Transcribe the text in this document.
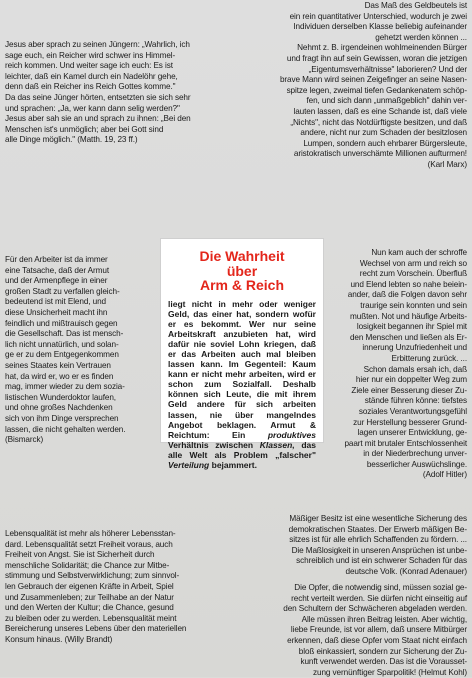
Das Maß des Geldbeutels ist

ein rein quantitativer Unterschied, wodurch je zwei

Individuen derselben Klasse beliebig aufeinander

gehetzt werden können ...

Nehmt z. B. irgendeinen wohlmeinenden Bürger

und fragt ihn auf sein Gewissen, woran die jetzigen

„Eigentumsverhältnisse" laborieren? Und der

brave Mann wird seinen Zeigefinger an seine Nasen-

spitze legen, zweimal tiefen Gedankenatem schöp-

fen, und sich dann „unmaßgeblich" dahin ver-

lauten lassen, daß es eine Schande ist, daß viele

„Nichts", nicht das Notdürftigste besitzen, und daß

andere, nicht nur zum Schaden der besitzlosen

Lumpen, sondern auch ehrbarer Bürgersleute,

aristokratisch unverschämte Millionen aufturmen!

(Karl Marx)

Jesus aber sprach zu seinen Jüngern: „Wahrlich, ich

sage euch, ein Reicher wird schwer ins Himmel-

reich kommen. Und weiter sage ich euch: Es ist

leichter, daß ein Kamel durch ein Nadelöhr gehe,

denn daß ein Reicher ins Reich Gottes komme."

Da das seine Jünger hörten, entsetzten sie sich sehr

und sprachen: „Ja, wer kann dann selig werden?"

Jesus aber sah sie an und sprach zu ihnen: „Bei den

Menschen ist's unmöglich; aber bei Gott sind

alle Dinge möglich." (Matth. 19, 23 ff.)

Für den Arbeiter ist da immer

eine Tatsache, daß der Armut

und der Armenpflege in einer

großen Stadt zu verfallen gleich-

bedeutend ist mit Elend, und

diese Unsicherheit macht ihn

feindlich und mißtrauisch gegen

die Gesellschaft. Das ist mensch-

lich nicht unnatürlich, und solan-

ge er zu dem Entgegenkommen

seines Staates kein Vertrauen

hat, da wird er, wo er es finden

mag, immer wieder zu dem sozia-

listischen Wunderdoktor laufen,

und ohne großes Nachdenken

sich von ihm Dinge versprechen

lassen, die nicht gehalten werden.

(Bismarck)

Die Wahrheit
über
Arm & Reich
liegt nicht in mehr oder weniger Geld, das einer hat, sondern wofür er es bekommt. Wer nur seine Arbeitskraft anzubieten hat, wird dafür nie soviel Lohn kriegen, daß er das Arbeiten auch mal bleiben lassen kann. Im Gegenteil: Kaum kann er nicht mehr arbeiten, wird er schon zum Sozialfall. Deshalb können sich Leute, die mit ihrem Geld andere für sich arbeiten lassen, nie über mangelndes Angebot beklagen. Armut & Reichtum: Ein	produktives Verhältnis zwischen Klassen, das alle Welt als Problem „falscher" Verteilung bejammert.

Nun kam auch der schroffe

Wechsel von arm und reich so

recht zum Vorschein. Überfluß

und Elend lebten so nahe beiein-

ander, daß die Folgen davon sehr

traurige sein konnten und sein

mußten. Not und häufige Arbeits-

losigkeit begannen ihr Spiel mit

den Menschen und ließen als Er-

innerung Unzufriedenheit und

Erbitterung zurück. ...

Schon damals ersah ich, daß

hier nur ein doppelter Weg zum

Ziele einer Besserung dieser Zu-

stände führen könne: tiefstes

soziales Verantwortungsgefühl

zur Herstellung besserer Grund-

lagen unserer Entwicklung, ge-

paart mit brutaler Entschlossenheit

in der Niederbrechung unver-

besserlicher Auswüchslinge.

(Adolf Hitler)

Lebensqualität ist mehr als höherer Lebensstan-

dard. Lebensqualität setzt Freiheit voraus, auch

Freiheit von Angst. Sie ist Sicherheit durch

menschliche Solidarität; die Chance zur Mitbe-

stimmung und Selbstverwirklichung; zum sinnvol-

len Gebrauch der eigenen Kräfte in Arbeit, Spiel

und Zusammenleben; zur Teilhabe an der Natur

und den Werten der Kultur; die Chance, gesund

zu bleiben oder zu werden. Lebensqualität meint

Bereicherung unseres Lebens über den materiellen

Konsum hinaus. (Willy Brandt)

Mäßiger Besitz ist eine wesentliche Sicherung des

demokratischen Staates. Der Erwerb mäßigen Be-

sitzes ist für alle ehrlich Schaffenden zu fördern. ...

Die Maßlosigkeit in unseren Ansprüchen ist unbe-

schreiblich und ist ein schwerer Schaden für das

deutsche Volk. (Konrad Adenauer)

Die Opfer, die notwendig sind, müssen sozial ge-

recht verteilt werden. Sie dürfen nicht einseitig auf

den Schultern der Schwächeren abgeladen werden.

Alle müssen ihren Beitrag leisten. Aber wichtig,

liebe Freunde, ist vor allem, daß unsere Mitbürger

erkennen, daß diese Opfer vom Staat nicht einfach

bloß einkassiert, sondern zur Sicherung der Zu-

kunft verwendet werden. Das ist die Vorausset-

zung vernünftiger Sparpolitik! (Helmut Kohl)
